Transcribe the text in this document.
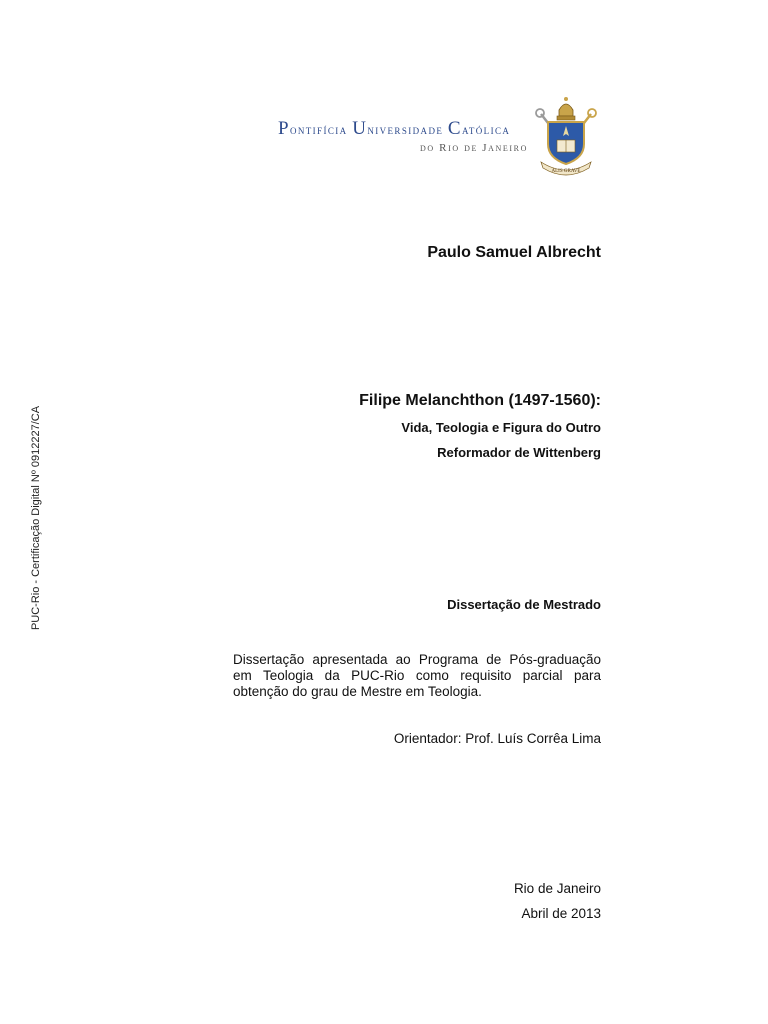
Pontifícia Universidade Católica
do Rio de Janeiro
ALIS GRAVE
PUC-Rio - Certificação Digital Nº 0912227/CA
Paulo Samuel Albrecht
Filipe Melanchthon (1497-1560):
Vida, Teologia e Figura do Outro
Reformador de Wittenberg
Dissertação de Mestrado
Dissertação apresentada ao Programa de Pós-graduação em Teologia da PUC-Rio como requisito parcial para obtenção do grau de Mestre em Teologia.
Orientador: Prof. Luís Corrêa Lima
Rio de Janeiro
Abril de 2013
